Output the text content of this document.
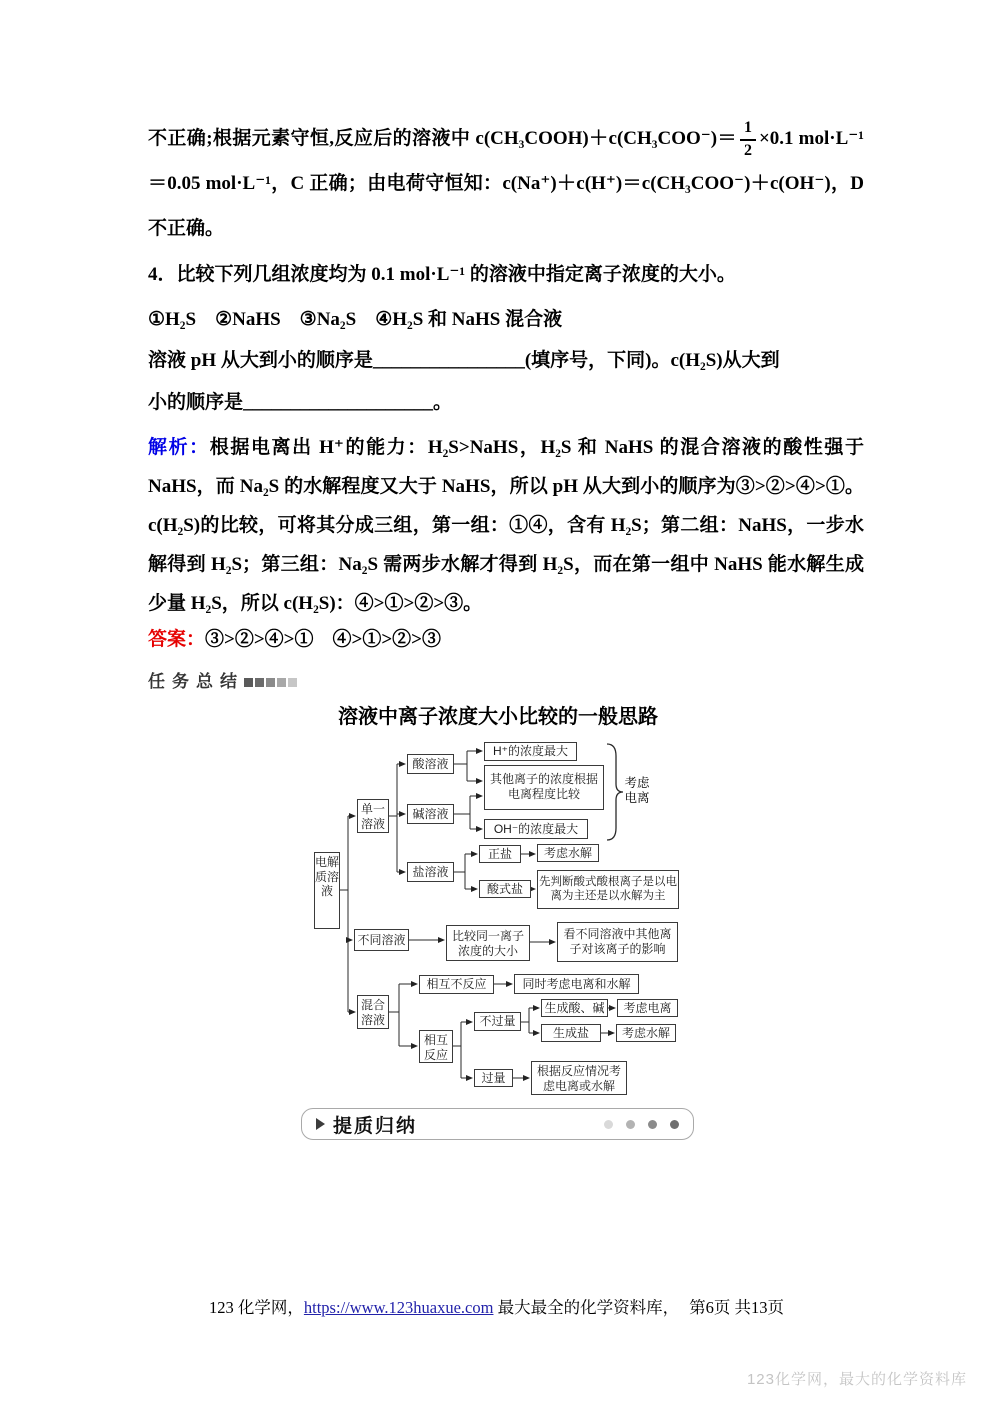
不正确;根据元素守恒,反应后的溶液中 c(CH₃COOH)＋c(CH₃COO⁻)＝ $\frac{1}{2} \times 0.1$ mol·L⁻¹＝0.05 mol·L⁻¹，C 正确；由电荷守恒知：c(Na⁺)＋c(H⁺)＝c(CH₃COO⁻)＋c(OH⁻)，D 不正确。
4．比较下列几组浓度均为 0.1 mol·L⁻¹ 的溶液中指定离子浓度的大小。
①H₂S　②NaHS　③Na₂S　④H₂S 和 NaHS 混合液
溶液 pH 从大到小的顺序是________________(填序号，下同)。c(H₂S)从大到
小的顺序是____________________。
解析：根据电离出 H⁺的能力：H₂S>NaHS，H₂S 和 NaHS 的混合溶液的酸性强于 NaHS，而 Na₂S 的水解程度又大于 NaHS，所以 pH 从大到小的顺序为③>②>④>①。c(H₂S)的比较，可将其分成三组，第一组：①④，含有 H₂S；第二组：NaHS，一步水解得到 H₂S；第三组：Na₂S 需两步水解才得到 H₂S，而在第一组中 NaHS 能水解生成少量 H₂S，所以 c(H₂S)：④>①>②>③。
答案：③>②>④>①　④>①>②>③
任务总结
溶液中离子浓度大小比较的一般思路
电解质溶液
单一溶液
酸溶液
碱溶液
盐溶液
H⁺的浓度最大
其他离子的浓度根据电离程度比较
OH⁻的浓度最大
正盐	考虑水解
酸式盐	先判断酸式酸根离子是以电离为主还是以水解为主
考虑电离
不同溶液	比较同一离子浓度的大小
看不同溶液中其他离子对该离子的影响
混合溶液
相互不反应	同时考虑电离和水解
相互反应
不过量
生成酸、碱	考虑电离
生成盐	考虑水解
过量	根据反应情况考虑电离或水解
提质归纳
123 化学网，https://www.123huaxue.com 最大最全的化学资料库， 第6页 共13页
123化学网，最大的化学资料库
